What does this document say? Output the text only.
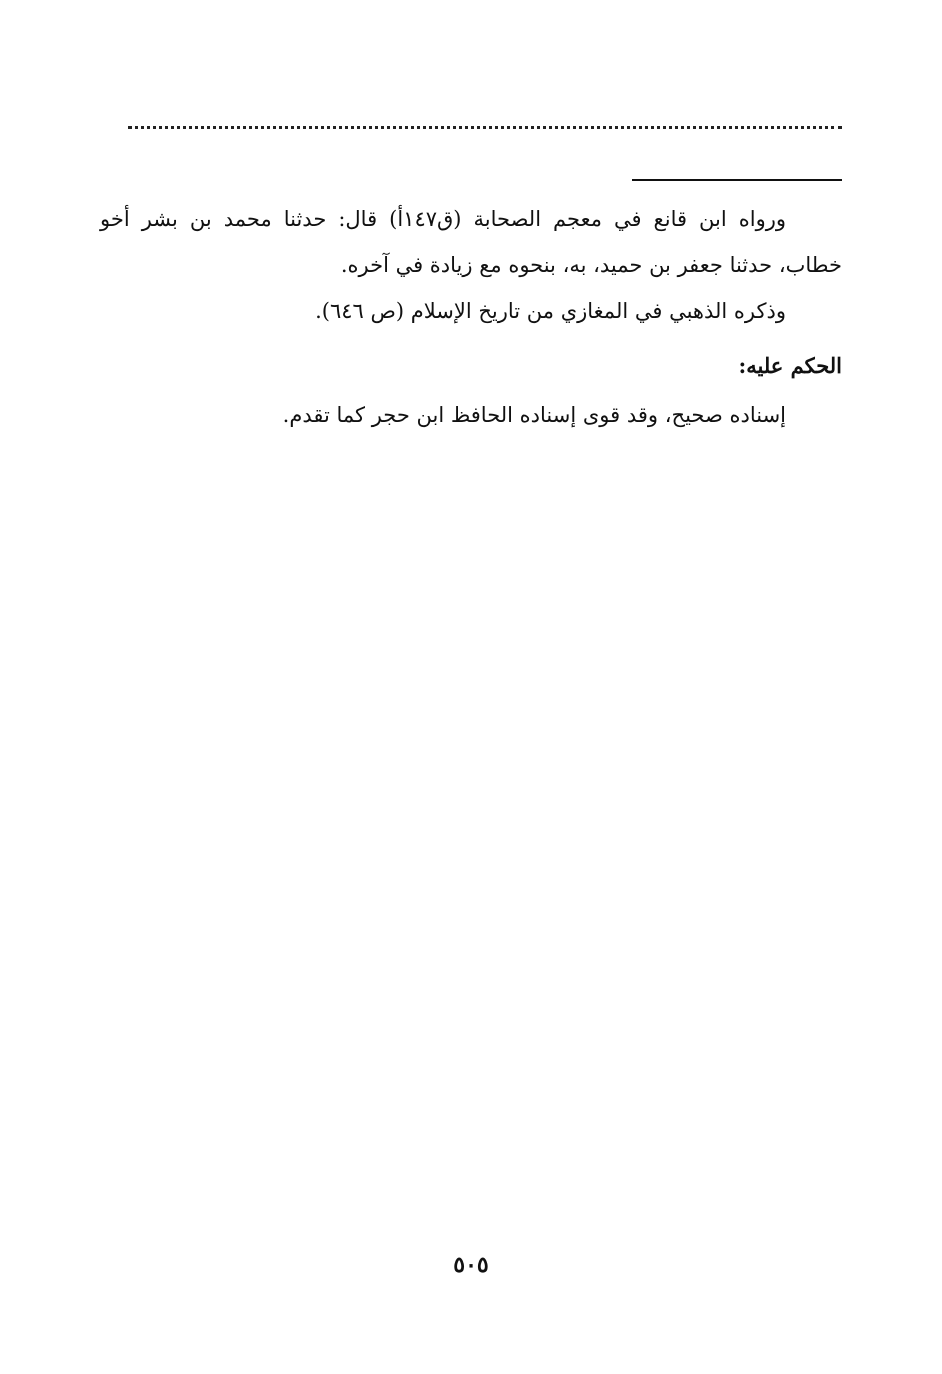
ورواه ابن قانع في معجم الصحابة (ق١٤٧أ) قال: حدثنا محمد بن بشر أخو خطاب، حدثنا جعفر بن حميد، به، بنحوه مع زيادة في آخره.

وذكره الذهبي في المغازي من تاريخ الإسلام (ص ٦٤٦).

الحكم عليه:

إسناده صحيح، وقد قوى إسناده الحافظ ابن حجر كما تقدم.

٥٠٥
